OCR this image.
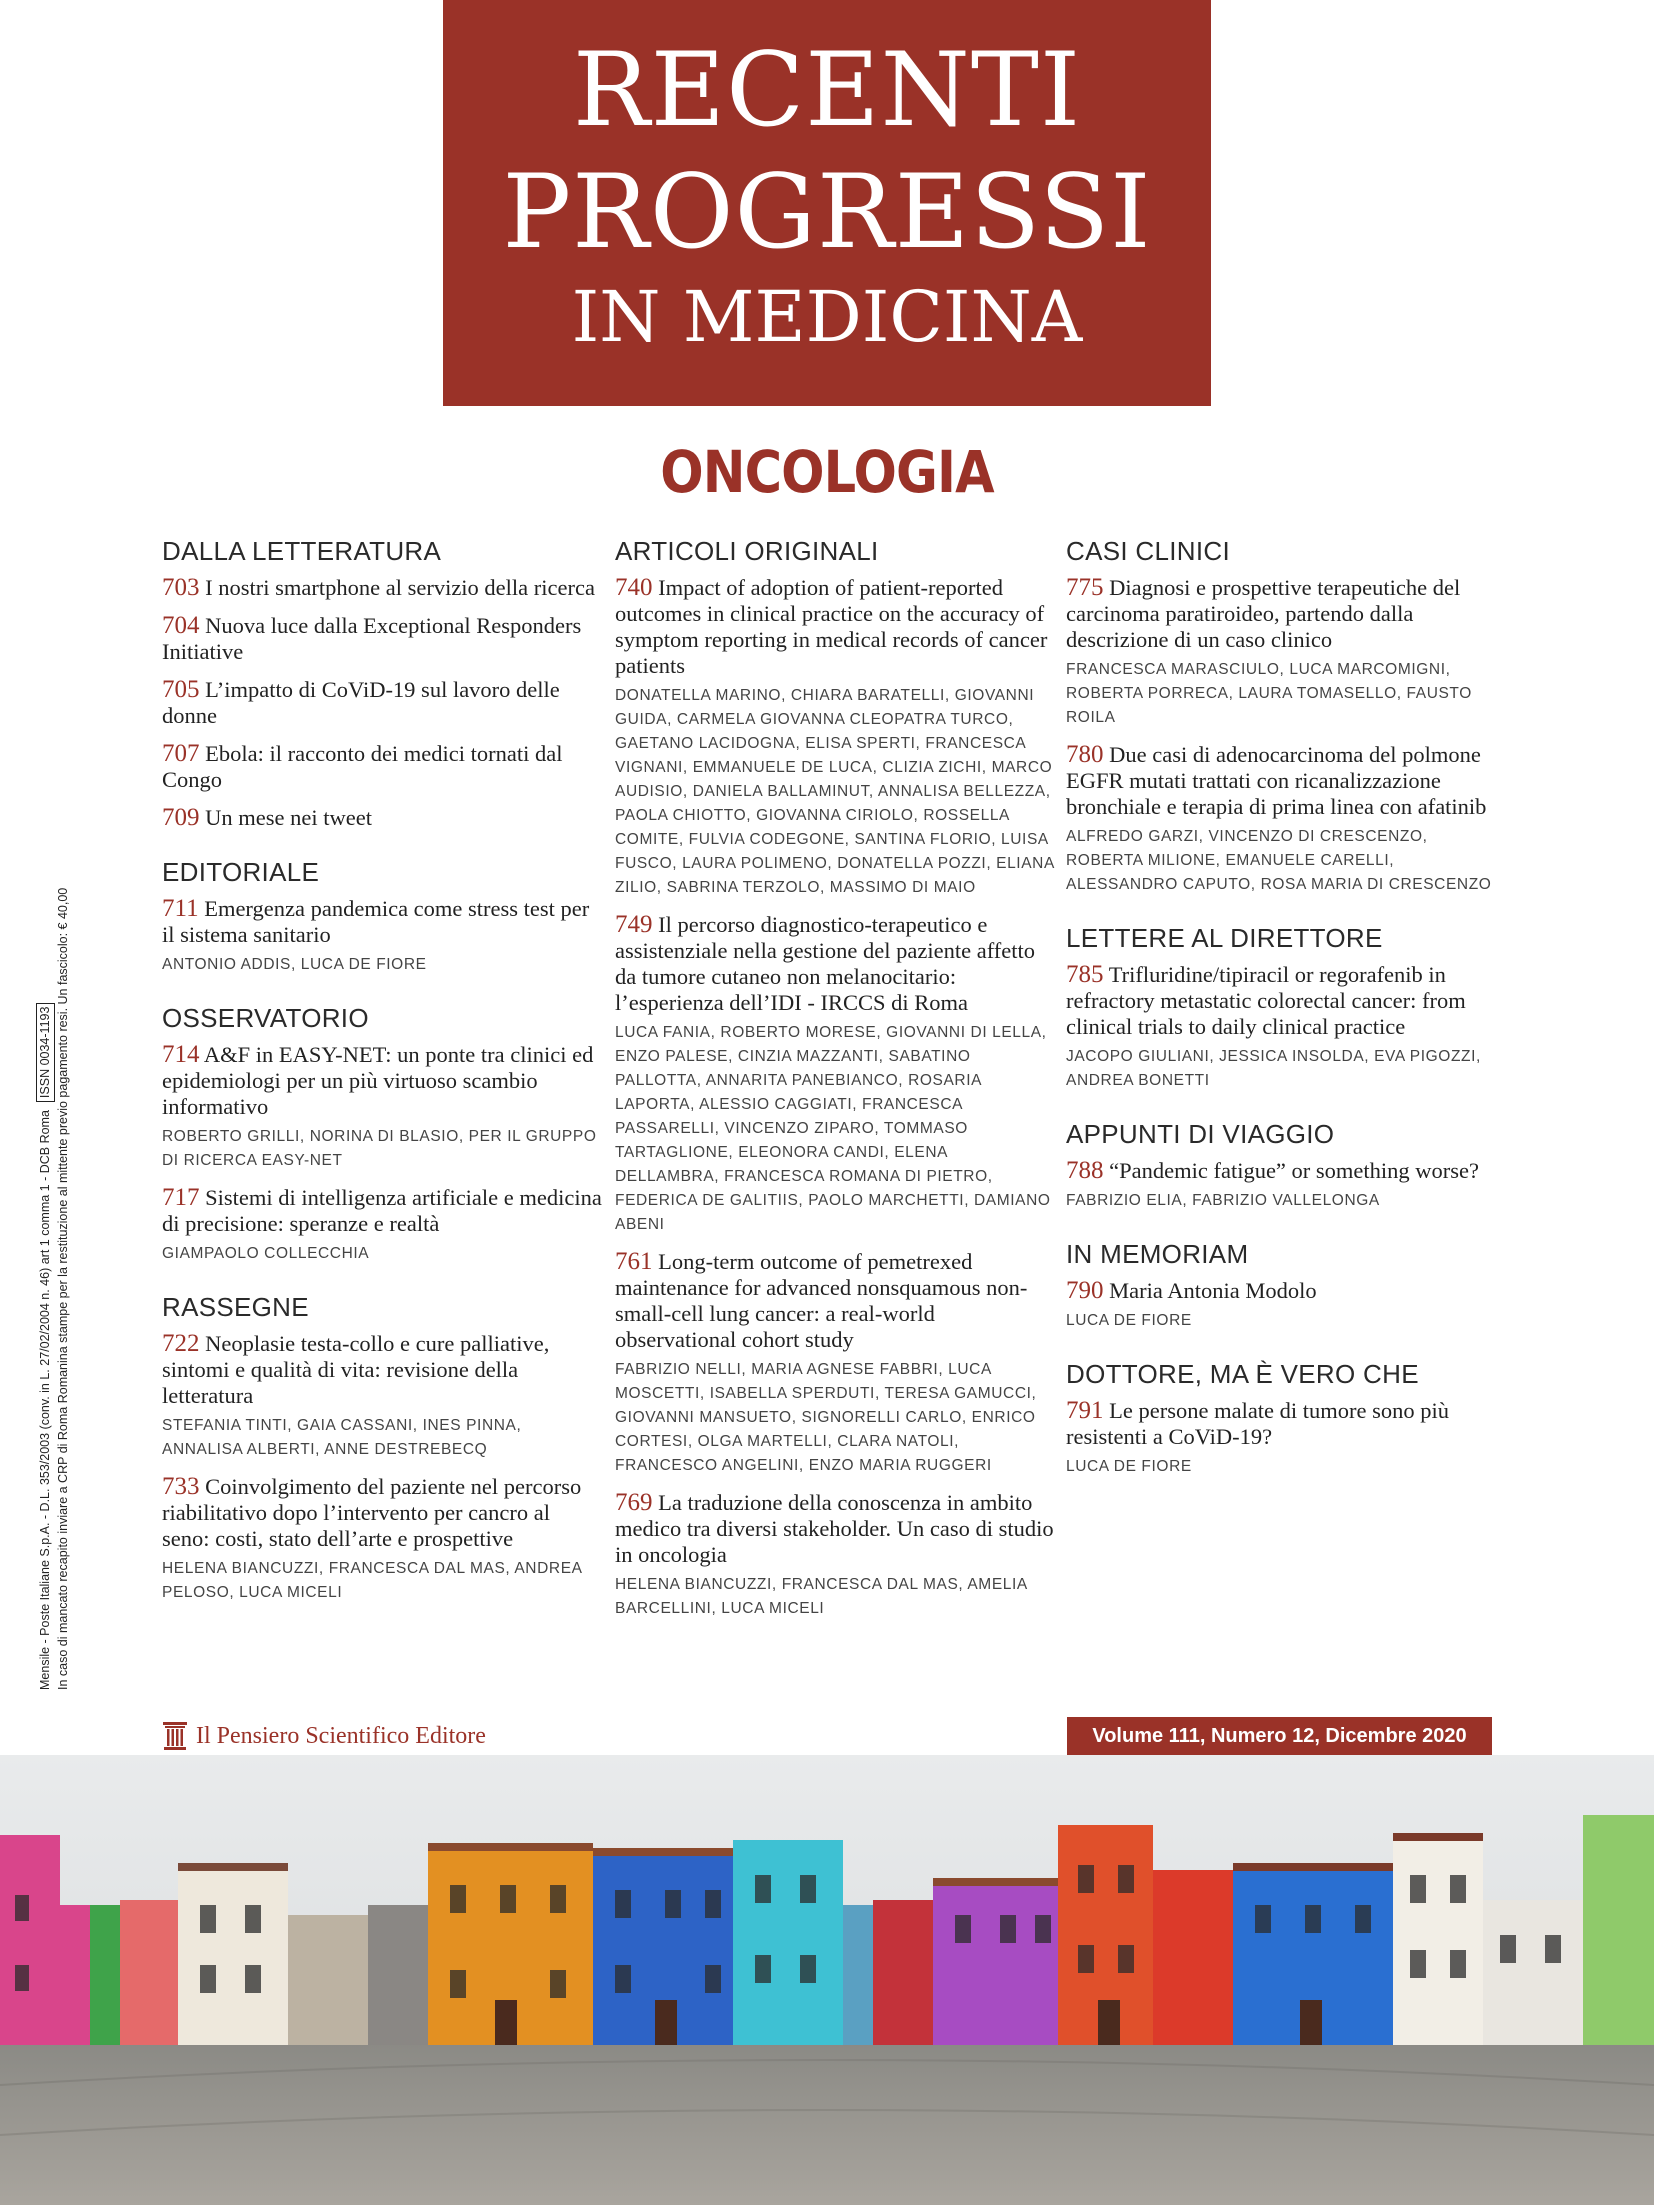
RECENTI
PROGRESSI
IN MEDICINA
ONCOLOGIA
DALLA LETTERATURA
703 I nostri smartphone al servizio della ricerca
704 Nuova luce dalla Exceptional Responders Initiative
705 L’impatto di CoViD-19 sul lavoro delle donne
707 Ebola: il racconto dei medici tornati dal Congo
709 Un mese nei tweet
EDITORIALE
711 Emergenza pandemica come stress test per il sistema sanitario
ANTONIO ADDIS, LUCA DE FIORE
OSSERVATORIO
714 A&F in EASY-NET: un ponte tra clinici ed epidemiologi per un più virtuoso scambio informativo
ROBERTO GRILLI, NORINA DI BLASIO, PER IL GRUPPO DI RICERCA EASY-NET
717 Sistemi di intelligenza artificiale e medicina di precisione: speranze e realtà
GIAMPAOLO COLLECCHIA
RASSEGNE
722 Neoplasie testa-collo e cure palliative, sintomi e qualità di vita: revisione della letteratura
STEFANIA TINTI, GAIA CASSANI, INES PINNA, ANNALISA ALBERTI, ANNE DESTREBECQ
733 Coinvolgimento del paziente nel percorso riabilitativo dopo l’intervento per cancro al seno: costi, stato dell’arte e prospettive
HELENA BIANCUZZI, FRANCESCA DAL MAS, ANDREA PELOSO, LUCA MICELI
ARTICOLI ORIGINALI
740 Impact of adoption of patient-reported outcomes in clinical practice on the accuracy of symptom reporting in medical records of cancer patients
DONATELLA MARINO, CHIARA BARATELLI, GIOVANNI GUIDA, CARMELA GIOVANNA CLEOPATRA TURCO, GAETANO LACIDOGNA, ELISA SPERTI, FRANCESCA VIGNANI, EMMANUELE DE LUCA, CLIZIA ZICHI, MARCO AUDISIO, DANIELA BALLAMINUT, ANNALISA BELLEZZA, PAOLA CHIOTTO, GIOVANNA CIRIOLO, ROSSELLA COMITE, FULVIA CODEGONE, SANTINA FLORIO, LUISA FUSCO, LAURA POLIMENO, DONATELLA POZZI, ELIANA ZILIO, SABRINA TERZOLO, MASSIMO DI MAIO
749 Il percorso diagnostico-terapeutico e assistenziale nella gestione del paziente affetto da tumore cutaneo non melanocitario: l’esperienza dell’IDI - IRCCS di Roma
LUCA FANIA, ROBERTO MORESE, GIOVANNI DI LELLA, ENZO PALESE, CINZIA MAZZANTI, SABATINO PALLOTTA, ANNARITA PANEBIANCO, ROSARIA LAPORTA, ALESSIO CAGGIATI, FRANCESCA PASSARELLI, VINCENZO ZIPARO, TOMMASO TARTAGLIONE, ELEONORA CANDI, ELENA DELLAMBRA, FRANCESCA ROMANA DI PIETRO, FEDERICA DE GALITIIS, PAOLO MARCHETTI, DAMIANO ABENI
761 Long-term outcome of pemetrexed maintenance for advanced nonsquamous non-small-cell lung cancer: a real-world observational cohort study
FABRIZIO NELLI, MARIA AGNESE FABBRI, LUCA MOSCETTI, ISABELLA SPERDUTI, TERESA GAMUCCI, GIOVANNI MANSUETO, SIGNORELLI CARLO, ENRICO CORTESI, OLGA MARTELLI, CLARA NATOLI, FRANCESCO ANGELINI, ENZO MARIA RUGGERI
769 La traduzione della conoscenza in ambito medico tra diversi stakeholder. Un caso di studio in oncologia
HELENA BIANCUZZI, FRANCESCA DAL MAS, AMELIA BARCELLINI, LUCA MICELI
CASI CLINICI
775 Diagnosi e prospettive terapeutiche del carcinoma paratiroideo, partendo dalla descrizione di un caso clinico
FRANCESCA MARASCIULO, LUCA MARCOMIGNI, ROBERTA PORRECA, LAURA TOMASELLO, FAUSTO ROILA
780 Due casi di adenocarcinoma del polmone EGFR mutati trattati con ricanalizzazione bronchiale e terapia di prima linea con afatinib
ALFREDO GARZI, VINCENZO DI CRESCENZO, ROBERTA MILIONE, EMANUELE CARELLI, ALESSANDRO CAPUTO, ROSA MARIA DI CRESCENZO
LETTERE AL DIRETTORE
785 Trifluridine/tipiracil or regorafenib in refractory metastatic colorectal cancer: from clinical trials to daily clinical practice
JACOPO GIULIANI, JESSICA INSOLDA, EVA PIGOZZI, ANDREA BONETTI
APPUNTI DI VIAGGIO
788 “Pandemic fatigue” or something worse?
FABRIZIO ELIA, FABRIZIO VALLELONGA
IN MEMORIAM
790 Maria Antonia Modolo
LUCA DE FIORE
DOTTORE, MA È VERO CHE
791 Le persone malate di tumore sono più resistenti a CoViD-19?
LUCA DE FIORE
Mensile - Poste Italiane S.p.A. - D.L. 353/2003 (conv. in L. 27/02/2004 n. 46) art 1 comma 1 - DCB RomaISSN 0034-1193 In caso di mancato recapito inviare a CRP di Roma Romanina stampe per la restituzione al mittente previo pagamento resi. Un fascicolo: € 40,00
Il Pensiero Scientifico Editore	Volume 111, Numero 12, Dicembre 2020
